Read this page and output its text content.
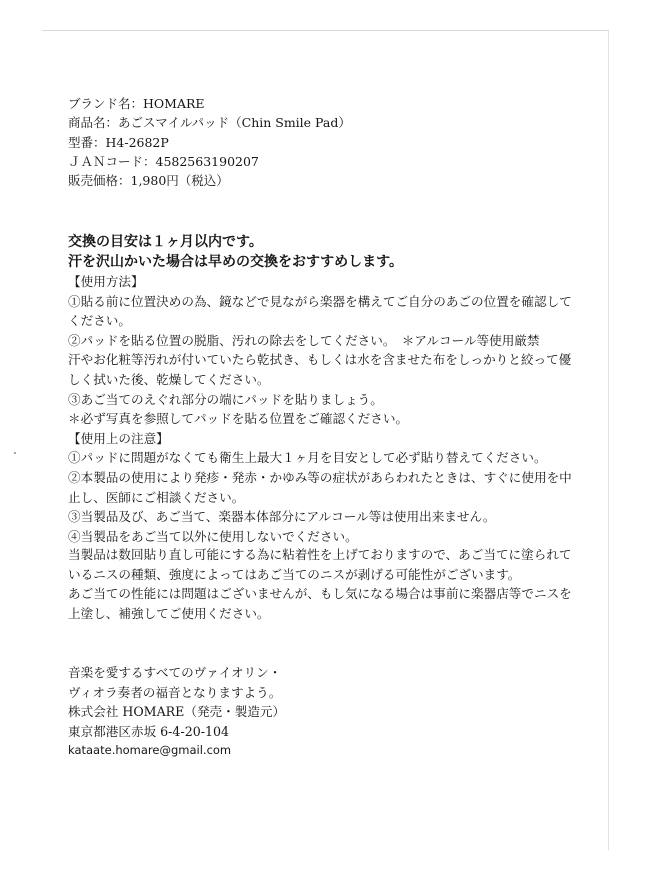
ブランド名：HOMARE
商品名：あごスマイルパッド（Chin Smile Pad）
型番：H4-2682P
ＪＡＮコード：4582563190207
販売価格：1,980円（税込）
交換の目安は１ヶ月以内です。
汗を沢山かいた場合は早めの交換をおすすめします。
【使用方法】
①貼る前に位置決めの為、鏡などで見ながら楽器を構えてご自分のあごの位置を確認して
ください。
②パッドを貼る位置の脱脂、汚れの除去をしてください。　＊アルコール等使用厳禁
汗やお化粧等汚れが付いていたら乾拭き、もしくは水を含ませた布をしっかりと絞って優
しく拭いた後、乾燥してください。
③あご当てのえぐれ部分の端にパッドを貼りましょう。
＊必ず写真を参照してパッドを貼る位置をご確認ください。
【使用上の注意】
①パッドに問題がなくても衛生上最大１ヶ月を目安として必ず貼り替えてください。
②本製品の使用により発疹・発赤・かゆみ等の症状があらわれたときは、すぐに使用を中
止し、医師にご相談ください。
③当製品及び、あご当て、楽器本体部分にアルコール等は使用出来ません。
④当製品をあご当て以外に使用しないでください。
当製品は数回貼り直し可能にする為に粘着性を上げておりますので、あご当てに塗られて
いるニスの種類、強度によってはあご当てのニスが剥げる可能性がございます。
あご当ての性能には問題はございませんが、もし気になる場合は事前に楽器店等でニスを
上塗し、補強してご使用ください。
音楽を愛するすべてのヴァイオリン・
ヴィオラ奏者の福音となりますよう。
株式会社 HOMARE（発売・製造元）
東京都港区赤坂 6-4-20-104
kataate.homare@gmail.com
